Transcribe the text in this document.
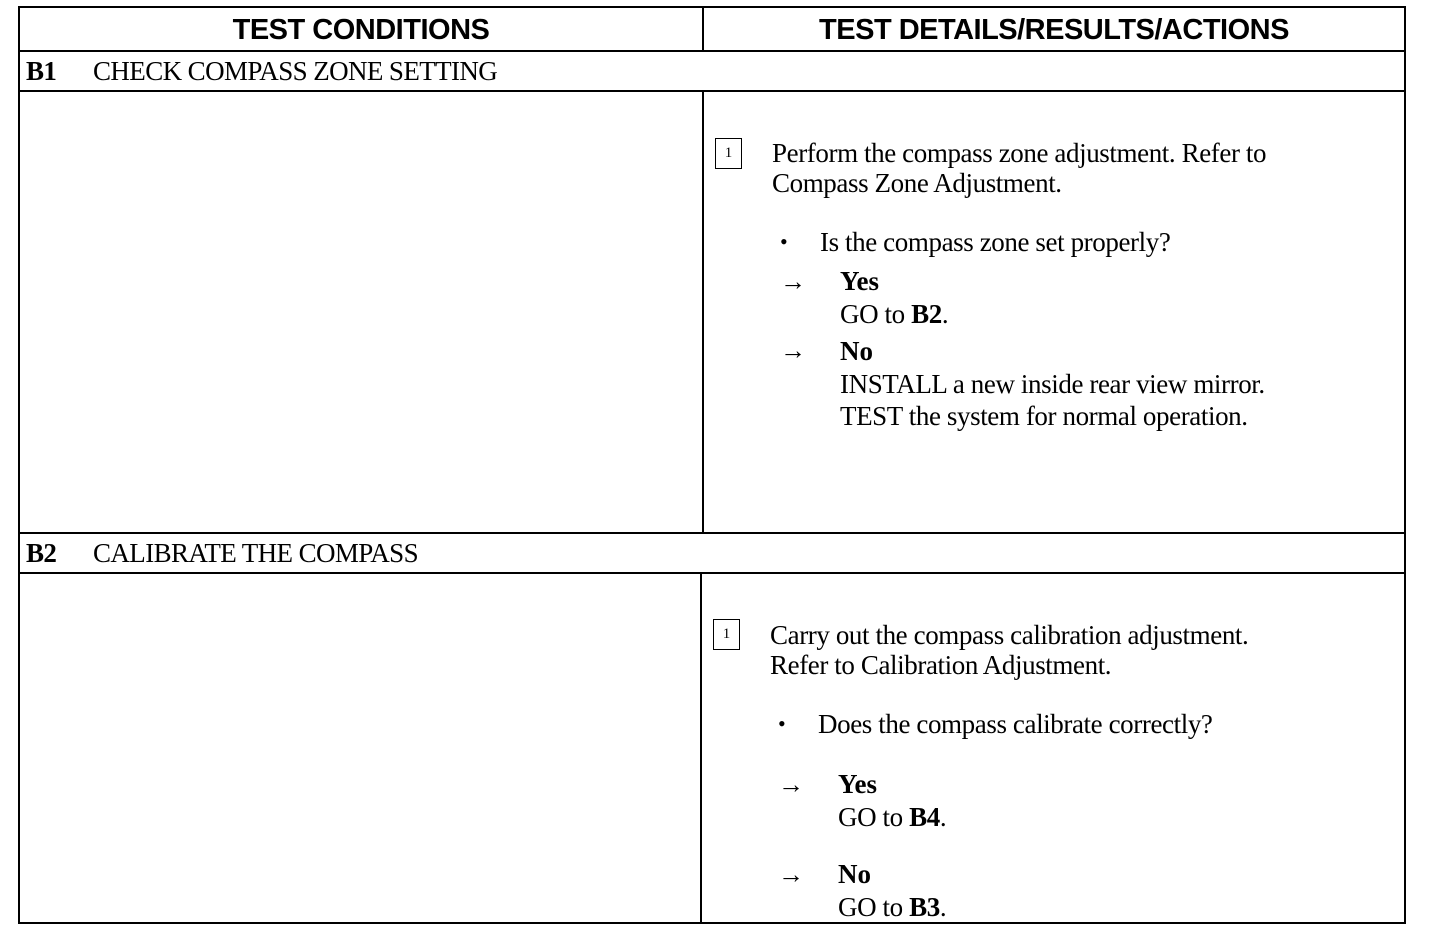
TEST CONDITIONS	TEST DETAILS/RESULTS/ACTIONS
B1 CHECK COMPASS ZONE SETTING
1	Perform the compass zone adjustment. Refer to
Compass Zone Adjustment.
• Is the compass zone set properly?
→ Yes
GO to B2.
→ No
INSTALL a new inside rear view mirror.
TEST the system for normal operation.
B2 CALIBRATE THE COMPASS
1	Carry out the compass calibration adjustment.
Refer to Calibration Adjustment.
• Does the compass calibrate correctly?
→ Yes
GO to B4.
→ No
GO to B3.
